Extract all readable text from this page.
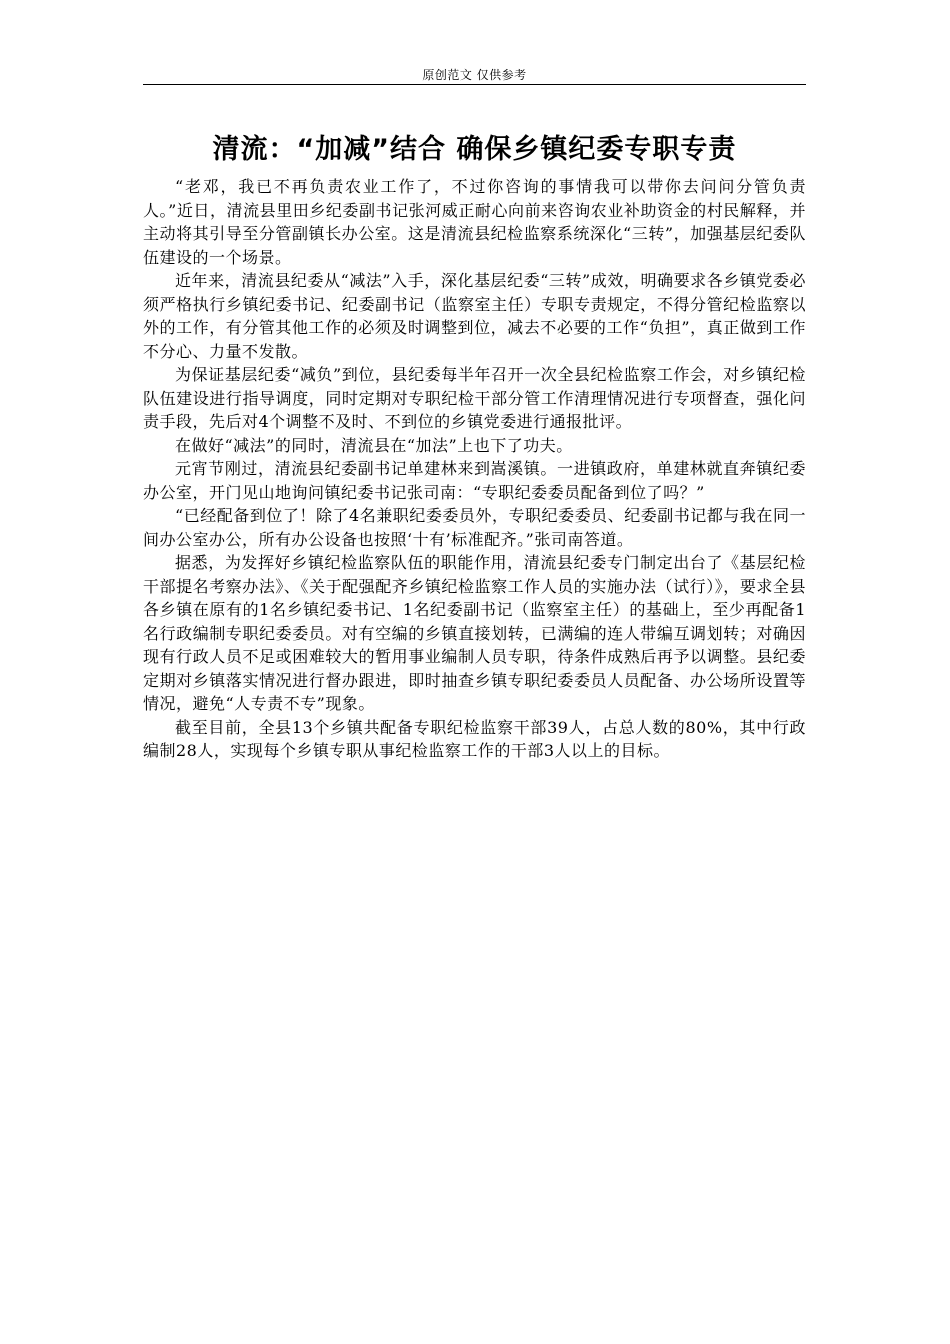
原创范文 仅供参考
清流：“加减”结合 确保乡镇纪委专职专责

“老邓，我已不再负责农业工作了，不过你咨询的事情我可以带你去问问分管负责人。”近日，清流县里田乡纪委副书记张河威正耐心向前来咨询农业补助资金的村民解释，并主动将其引导至分管副镇长办公室。这是清流县纪检监察系统深化“三转”，加强基层纪委队伍建设的一个场景。

近年来，清流县纪委从“减法”入手，深化基层纪委“三转”成效，明确要求各乡镇党委必须严格执行乡镇纪委书记、纪委副书记（监察室主任）专职专责规定，不得分管纪检监察以外的工作，有分管其他工作的必须及时调整到位，减去不必要的工作“负担”，真正做到工作不分心、力量不发散。

为保证基层纪委“减负”到位，县纪委每半年召开一次全县纪检监察工作会，对乡镇纪检队伍建设进行指导调度，同时定期对专职纪检干部分管工作清理情况进行专项督查，强化问责手段，先后对4个调整不及时、不到位的乡镇党委进行通报批评。

在做好“减法”的同时，清流县在“加法”上也下了功夫。

元宵节刚过，清流县纪委副书记单建林来到嵩溪镇。一进镇政府，单建林就直奔镇纪委办公室，开门见山地询问镇纪委书记张司南：“专职纪委委员配备到位了吗？”

“已经配备到位了！除了4名兼职纪委委员外，专职纪委委员、纪委副书记都与我在同一间办公室办公，所有办公设备也按照‘十有’标准配齐。”张司南答道。

据悉，为发挥好乡镇纪检监察队伍的职能作用，清流县纪委专门制定出台了《基层纪检干部提名考察办法》、《关于配强配齐乡镇纪检监察工作人员的实施办法（试行）》，要求全县各乡镇在原有的1名乡镇纪委书记、1名纪委副书记（监察室主任）的基础上，至少再配备1名行政编制专职纪委委员。对有空编的乡镇直接划转，已满编的连人带编互调划转；对确因现有行政人员不足或困难较大的暂用事业编制人员专职，待条件成熟后再予以调整。县纪委定期对乡镇落实情况进行督办跟进，即时抽查乡镇专职纪委委员人员配备、办公场所设置等情况，避免“人专责不专”现象。

截至目前，全县13个乡镇共配备专职纪检监察干部39人，占总人数的80%，其中行政编制28人，实现每个乡镇专职从事纪检监察工作的干部3人以上的目标。
